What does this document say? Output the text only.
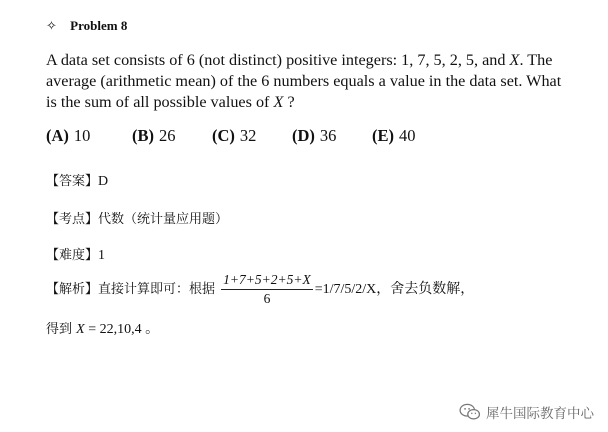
✧ Problem 8

A data set consists of 6 (not distinct) positive integers: 1, 7, 5, 2, 5, and X. The average (arithmetic mean) of the 6 numbers equals a value in the data set. What is the sum of all possible values of X ?

(A) 10	(B) 26 (C) 32 (D) 36 (E) 40
【答案】D
【考点】代数（统计量应用题）
【难度】1
【解析】直接计算即可：根据 $\frac{1+7+5+2+5+X}{6} =1/7/5/2/X$，舍去负数解，
得到 X = 22,10,4 。
犀牛国际教育中心
